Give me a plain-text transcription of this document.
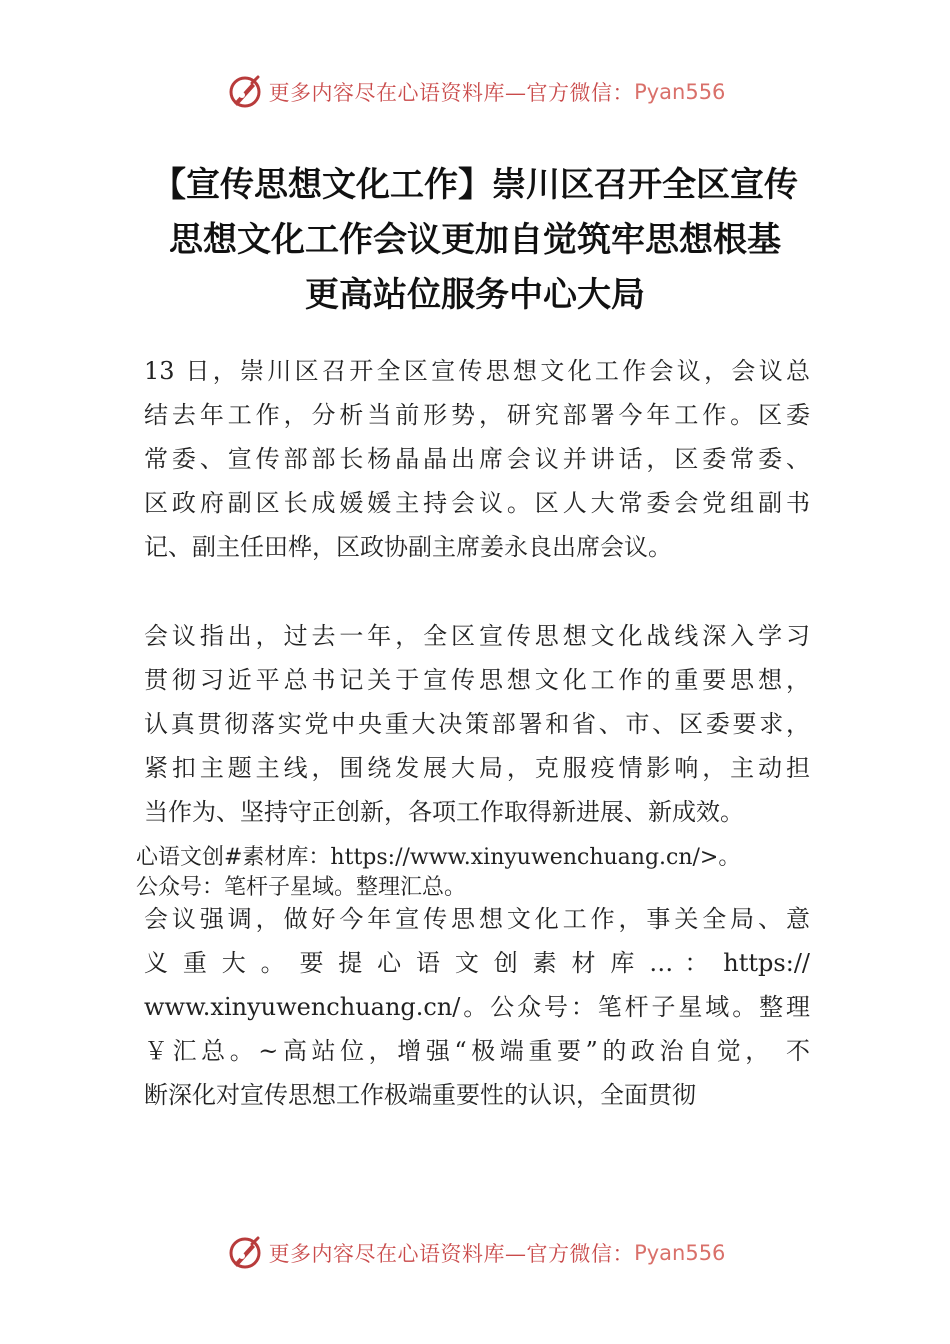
更多内容尽在心语资料库—官方微信： Pyan556
【宣传思想文化工作】崇川区召开全区宣传
思想文化工作会议更加自觉筑牢思想根基
更高站位服务中心大局
13 日，崇川区召开全区宣传思想文化工作会议，会议总
结去年工作，分析当前形势，研究部署今年工作。区委
常委、宣传部部长杨晶晶出席会议并讲话，区委常委、
区政府副区长成媛媛主持会议。区人大常委会党组副书
记、副主任田桦，区政协副主席姜永良出席会议。
会议指出，过去一年，全区宣传思想文化战线深入学习
贯彻习近平总书记关于宣传思想文化工作的重要思想，
认真贯彻落实党中央重大决策部署和省、市、区委要求，
紧扣主题主线，围绕发展大局，克服疫情影响，主动担
当作为、坚持守正创新，各项工作取得新进展、新成效。
心语文创#素材库：https://www.xinyuwenchuang.cn/>。
公众号：笔杆子星域。整理汇总。
会议强调，做好今年宣传思想文化工作，事关全局、意
义 重 大 。 要 提 心 语 文 创 素 材 库 … ： https://
www.xinyuwenchuang.cn/。公众号：笔杆子星域。整理
￥汇总。~高站位，增强“极端重要”的政治自觉， 不
断深化对宣传思想工作极端重要性的认识，全面贯彻
更多内容尽在心语资料库—官方微信： Pyan556
